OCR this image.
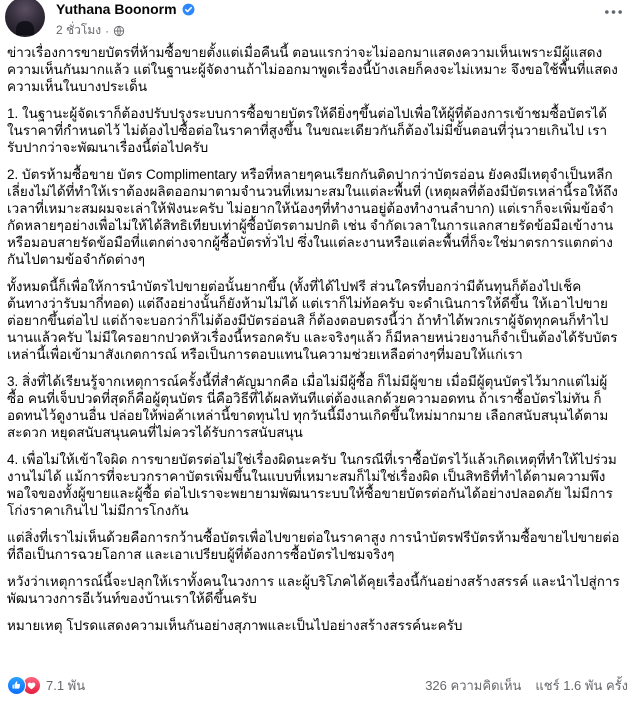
Yuthana Boonorm
2 ชั่วโมง ·
ข่าวเรื่องการขายบัตรที่ห้ามซื้อขายตั้งแต่เมื่อคืนนี้ ตอนแรกว่าจะไม่ออกมาแสดงความเห็นเพราะมีผู้แสดงความเห็นกันมากแล้ว แต่ในฐานะผู้จัดงานถ้าไม่ออกมาพูดเรื่องนี้บ้างเลยก็คงจะไม่เหมาะ จึงขอใช้พื้นที่แสดงความเห็นในบางประเด็น
1. ในฐานะผู้จัดเราก็ต้องปรับปรุงระบบการซื้อขายบัตรให้ดียิ่งๆขึ้นต่อไปเพื่อให้ผู้ที่ต้องการเข้าชมซื้อบัตรได้ในราคาที่กำหนดไว้ ไม่ต้องไปซื้อต่อในราคาที่สูงขึ้น ในขณะเดียวกันก็ต้องไม่มีขั้นตอนที่วุ่นวายเกินไป เรารับปากว่าจะพัฒนาเรื่องนี้ต่อไปครับ
2. บัตรห้ามซื้อขาย บัตร Complimentary หรือที่หลายๆคนเรียกกันติดปากว่าบัตรอ่อน ยังคงมีเหตุจำเป็นหลีกเลี่ยงไม่ได้ที่ทำให้เราต้องผลิตออกมาตามจำนวนที่เหมาะสมในแต่ละพื้นที่ (เหตุผลที่ต้องมีบัตรเหล่านี้รอให้ถึงเวลาที่เหมาะสมผมจะเล่าให้ฟังนะครับ ไม่อยากให้น้องๆที่ทำงานอยู่ต้องทำงานลำบาก) แต่เราก็จะเพิ่มข้อจำกัดหลายๆอย่างเพื่อไม่ให้ได้สิทธิเทียบเท่าผู้ซื้อบัตรตามปกติ เช่น จำกัดเวลาในการแลกสายรัดข้อมือเข้างาน หรือมอบสายรัดข้อมือที่แตกต่างจากผู้ซื้อบัตรทั่วไป ซึ่งในแต่ละงานหรือแต่ละพื้นที่ก็จะใช่มาตรการแตกต่างกันไปตามข้อจำกัดต่างๆ
ทั้งหมดนี้ก็เพื่อให้การนำบัตรไปขายต่อนั้นยากขึ้น (ทั้งที่ได้ไปฟรี ส่วนใครที่บอกว่ามีต้นทุนก็ต้องไปเช็คต้นทางว่ารับมากี่ทอด) แต่ถึงอย่างนั้นก็ยังห้ามไม่ได้ แต่เราก็ไม่ท้อครับ จะดำเนินการให้ดีขึ้น ให้เอาไปขายต่อยากขึ้นต่อไป แต่ถ้าจะบอกว่าก็ไม่ต้องมีบัตรอ่อนสิ ก็ต้องตอบตรงนี้ว่า ถ้าทำได้พวกเราผู้จัดทุกคนก็ทำไปนานแล้วครับ ไม่มีใครอยากปวดหัวเรื่องนี้หรอกครับ และจริงๆแล้ว ก็มีหลายหน่วยงานก็จำเป็นต้องได้รับบัตรเหล่านี้เพื่อเข้ามาสังเกตการณ์ หรือเป็นการตอบแทนในความช่วยเหลือต่างๆที่มอบให้แก่เรา
3. สิ่งที่ได้เรียนรู้จากเหตุการณ์ครั้งนี้ที่สำคัญมากคือ เมื่อไม่มีผู้ซื้อ ก็ไม่มีผู้ขาย เมื่อมีผู้ตุนบัตรไว้มากแต่ไม่ผู้ซื้อ คนที่เจ็บปวดที่สุดก็คือผู้ตุนบัตร นี่คือวิธีที่ได้ผลทันทีแต่ต้องแลกด้วยความอดทน ถ้าเราซื้อบัตรไม่ทัน ก็อดทนไว้ดูงานอื่น ปล่อยให้พ่อค้าเหล่านี้ขาดทุนไป ทุกวันนี้มีงานเกิดขึ้นใหม่มากมาย เลือกสนับสนุนได้ตามสะดวก หยุดสนับสนุนคนที่ไม่ควรได้รับการสนับสนุน
4. เพื่อไม่ให้เข้าใจผิด การขายบัตรต่อไม่ใช่เรื่องผิดนะครับ ในกรณีที่เราซื้อบัตรไว้แล้วเกิดเหตุที่ทำให้ไปร่วมงานไม่ได้ แม้การที่จะบวกราคาบัตรเพิ่มขึ้นในแบบที่เหมาะสมก็ไม่ใช่เรื่องผิด เป็นสิทธิที่ทำได้ตามความพึงพอใจของทั้งผู้ขายและผู้ซื้อ ต่อไปเราจะพยายามพัฒนาระบบให้ซื้อขายบัตรต่อกันได้อย่างปลอดภัย ไม่มีการโก่งราคาเกินไป ไม่มีการโกงกัน
แต่สิ่งที่เราไม่เห็นด้วยคือการกว้านซื้อบัตรเพื่อไปขายต่อในราคาสูง การนำบัตรฟรีบัตรห้ามซื้อขายไปขายต่อ ที่ถือเป็นการฉวยโอกาส และเอาเปรียบผู้ที่ต้องการซื้อบัตรไปชมจริงๆ
หวังว่าเหตุการณ์นี้จะปลุกให้เราทั้งคนในวงการ และผู้บริโภคได้คุยเรื่องนี้กันอย่างสร้างสรรค์ และนำไปสู่การพัฒนาวงการอีเว้นท์ของบ้านเราให้ดีขึ้นครับ
หมายเหตุ โปรดแสดงความเห็นกันอย่างสุภาพและเป็นไปอย่างสร้างสรรค์นะครับ
7.1 พัน	326 ความคิดเห็น แชร์ 1.6 พัน ครั้ง
